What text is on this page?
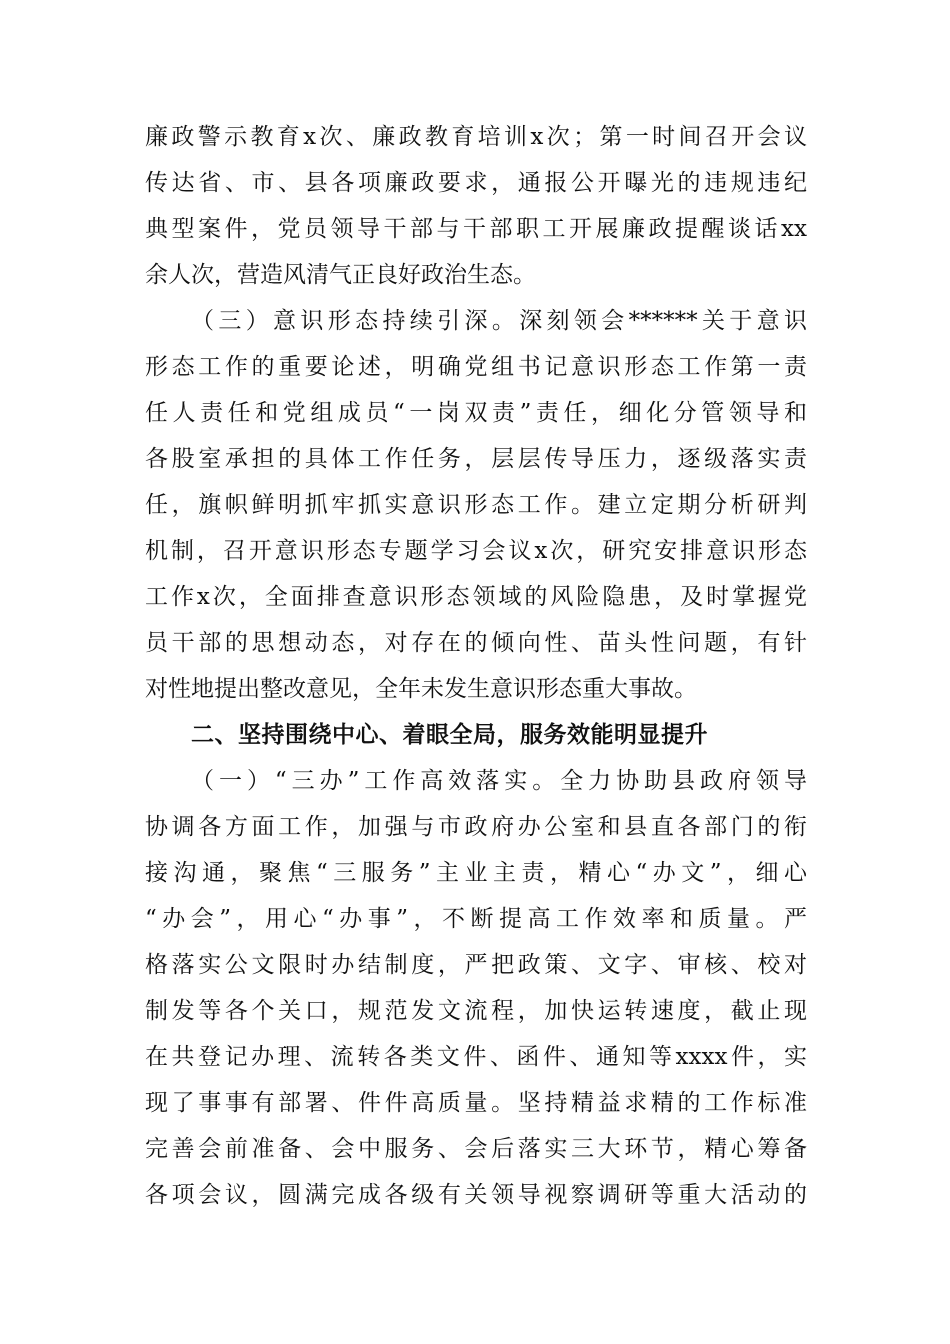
廉政警示教育x次、廉政教育培训x次；第一时间召开会议
传达省、市、县各项廉政要求，通报公开曝光的违规违纪
典型案件，党员领导干部与干部职工开展廉政提醒谈话xx
余人次，营造风清气正良好政治生态。
（三）意识形态持续引深。深刻领会******关于意识
形态工作的重要论述，明确党组书记意识形态工作第一责
任人责任和党组成员“一岗双责”责任，细化分管领导和
各股室承担的具体工作任务，层层传导压力，逐级落实责
任，旗帜鲜明抓牢抓实意识形态工作。建立定期分析研判
机制，召开意识形态专题学习会议x次，研究安排意识形态
工作x次，全面排查意识形态领域的风险隐患，及时掌握党
员干部的思想动态，对存在的倾向性、苗头性问题，有针
对性地提出整改意见，全年未发生意识形态重大事故。
二、坚持围绕中心、着眼全局，服务效能明显提升
（一）“三办”工作高效落实。全力协助县政府领导
协调各方面工作，加强与市政府办公室和县直各部门的衔
接沟通，聚焦“三服务”主业主责，精心“办文”，细心
“办会”，用心“办事”，不断提高工作效率和质量。严
格落实公文限时办结制度，严把政策、文字、审核、校对
制发等各个关口，规范发文流程，加快运转速度，截止现
在共登记办理、流转各类文件、函件、通知等xxxx件，实
现了事事有部署、件件高质量。坚持精益求精的工作标准
完善会前准备、会中服务、会后落实三大环节，精心筹备
各项会议，圆满完成各级有关领导视察调研等重大活动的
